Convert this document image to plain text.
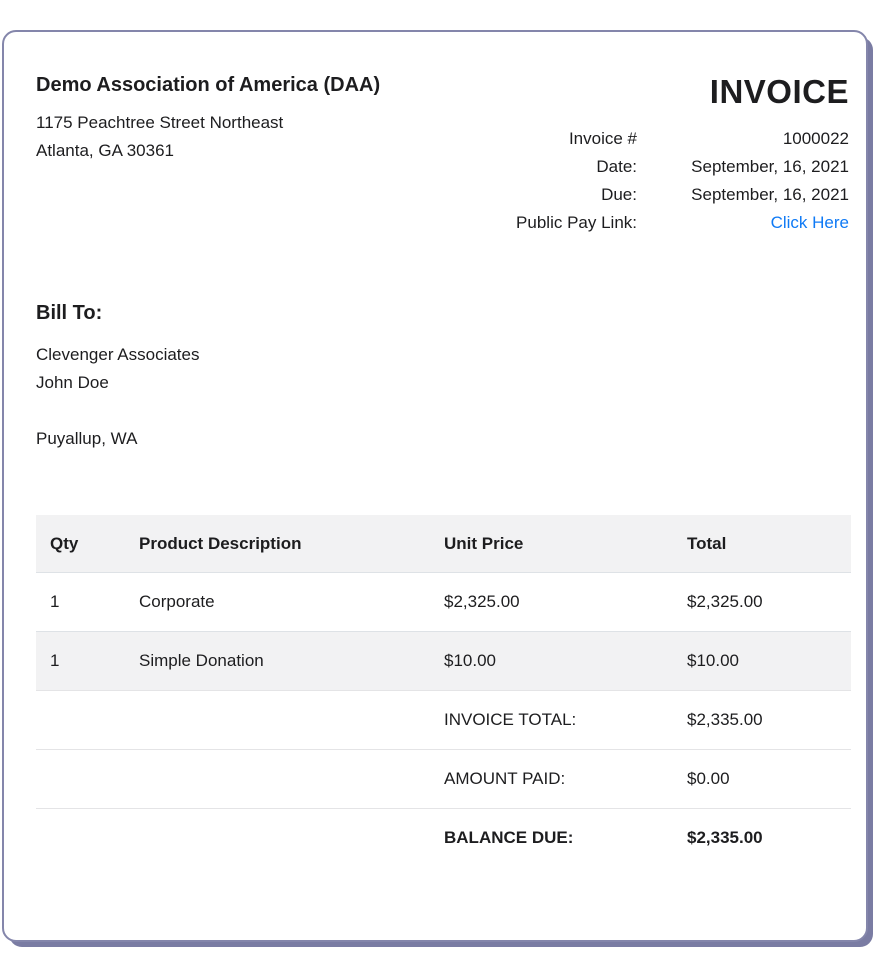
Demo Association of America (DAA)
1175 Peachtree Street Northeast
Atlanta, GA 30361
INVOICE
Invoice #	1000022
Date:	September, 16, 2021
Due:	September, 16, 2021
Public Pay Link:	Click Here
Bill To:
Clevenger Associates
John Doe
Puyallup, WA
Qty	Product Description	Unit Price	Total
1	Corporate	$2,325.00	$2,325.00
1	Simple Donation	$10.00	$10.00
INVOICE TOTAL:	$2,335.00
AMOUNT PAID:	$0.00
BALANCE DUE:	$2,335.00
